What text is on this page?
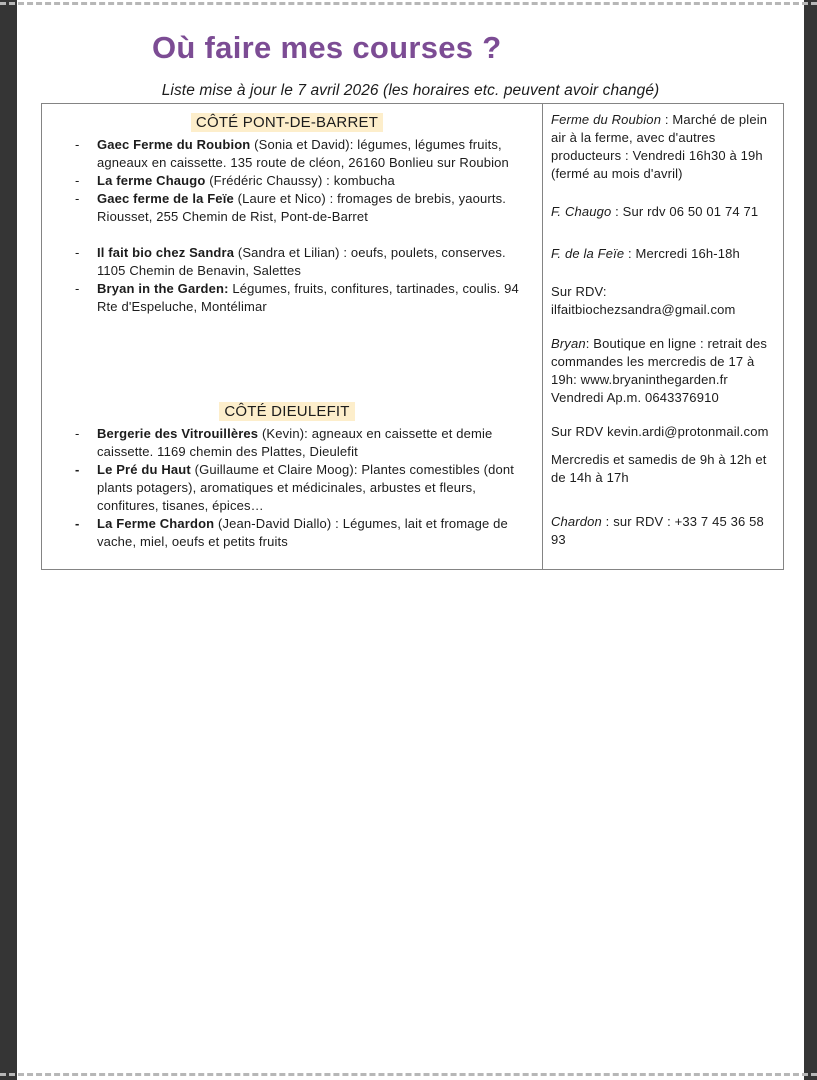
Où faire mes courses ?
Liste mise à jour le 7 avril 2026 (les horaires etc. peuvent avoir changé)
CÔTÉ PONT-DE-BARRET
- Gaec Ferme du Roubion (Sonia et David): légumes, légumes fruits, agneaux en caissette. 135 route de cléon, 26160 Bonlieu sur Roubion
- La ferme Chaugo (Frédéric Chaussy) : kombucha
- Gaec ferme de la Feïe (Laure et Nico) : fromages de brebis, yaourts. Riousset, 255 Chemin de Rist, Pont-de-Barret
- Il fait bio chez Sandra (Sandra et Lilian) : oeufs, poulets, conserves. 1105 Chemin de Benavin, Salettes
- Bryan in the Garden: Légumes, fruits, confitures, tartinades, coulis. 94 Rte d'Espeluche, Montélimar
CÔTÉ DIEULEFIT
- Bergerie des Vitrouillères (Kevin): agneaux en caissette et demie caissette. 1169 chemin des Plattes, Dieulefit
- Le Pré du Haut (Guillaume et Claire Moog): Plantes comestibles (dont plants potagers), aromatiques et médicinales, arbustes et fleurs, confitures, tisanes, épices…
- La Ferme Chardon (Jean-David Diallo) : Légumes, lait et fromage de vache, miel, oeufs et petits fruits
Ferme du Roubion : Marché de plein air à la ferme, avec d'autres producteurs : Vendredi 16h30 à 19h (fermé au mois d'avril)
F. Chaugo : Sur rdv 06 50 01 74 71
F. de la Feïe : Mercredi 16h-18h
Sur RDV: ilfaitbiochezsandra@gmail.com
Bryan: Boutique en ligne : retrait des commandes les mercredis de 17 à 19h: www.bryaninthegarden.fr Vendredi Ap.m. 0643376910
Sur RDV kevin.ardi@protonmail.com
Mercredis et samedis de 9h à 12h et de 14h à 17h
Chardon : sur RDV : +33 7 45 36 58 93
